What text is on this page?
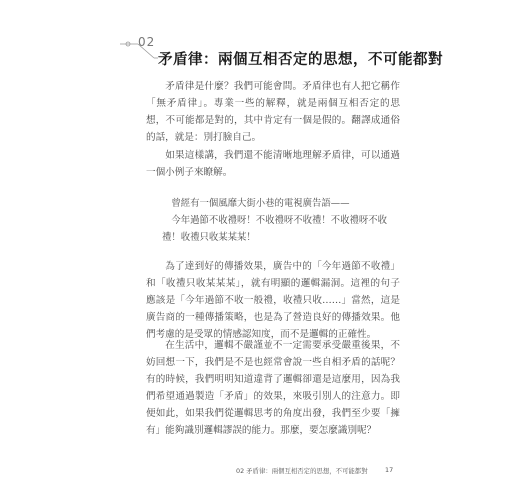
02
矛盾律：兩個互相否定的思想，不可能都對

矛盾律是什麼？我們可能會問。矛盾律也有人把它稱作「無矛盾律」。專業一些的解釋，就是兩個互相否定的思想，不可能都是對的，其中肯定有一個是假的。翻譯成通俗的話，就是：別打臉自己。

如果這樣講，我們還不能清晰地理解矛盾律，可以通過一個小例子來瞭解。

曾經有一個風靡大街小巷的電視廣告語——

今年過節不收禮呀！不收禮呀不收禮！不收禮呀不收禮！收禮只收某某某！

為了達到好的傳播效果，廣告中的「今年過節不收禮」和「收禮只收某某某」，就有明顯的邏輯漏洞。這裡的句子應該是「今年過節不收一般禮，收禮只收……」當然，這是廣告商的一種傳播策略，也是為了營造良好的傳播效果。他們考慮的是受眾的情感認知度，而不是邏輯的正確性。

在生活中，邏輯不嚴謹並不一定需要承受嚴重後果，不妨回想一下，我們是不是也經常會說一些自相矛盾的話呢？有的時候，我們明明知道違背了邏輯卻還是這麼用，因為我們希望通過製造「矛盾」的效果，來吸引別人的注意力。即便如此，如果我們從邏輯思考的角度出發，我們至少要「擁有」能夠識別邏輯謬誤的能力。那麼，要怎麼識別呢？

02 矛盾律：兩個互相否定的思想，不可能都對	17
